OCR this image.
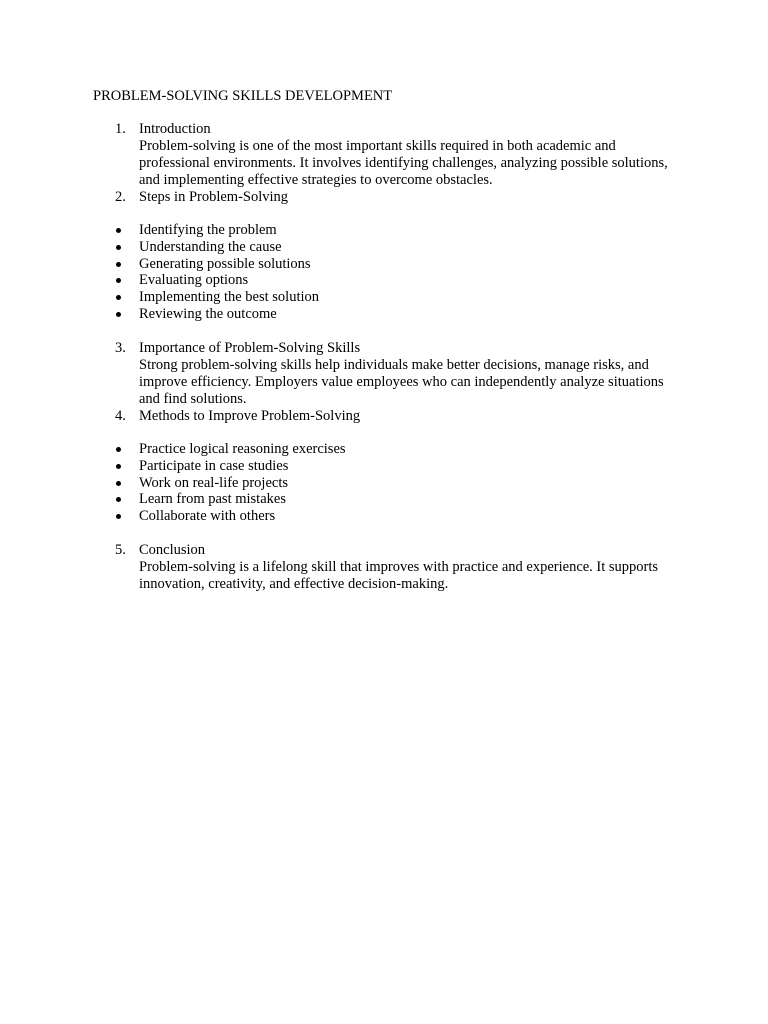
PROBLEM-SOLVING SKILLS DEVELOPMENT
1. Introduction
Problem-solving is one of the most important skills required in both academic and professional environments. It involves identifying challenges, analyzing possible solutions, and implementing effective strategies to overcome obstacles.
2. Steps in Problem-Solving
Identifying the problem
Understanding the cause
Generating possible solutions
Evaluating options
Implementing the best solution
Reviewing the outcome
3. Importance of Problem-Solving Skills
Strong problem-solving skills help individuals make better decisions, manage risks, and improve efficiency. Employers value employees who can independently analyze situations and find solutions.
4. Methods to Improve Problem-Solving
Practice logical reasoning exercises
Participate in case studies
Work on real-life projects
Learn from past mistakes
Collaborate with others
5. Conclusion
Problem-solving is a lifelong skill that improves with practice and experience. It supports innovation, creativity, and effective decision-making.
